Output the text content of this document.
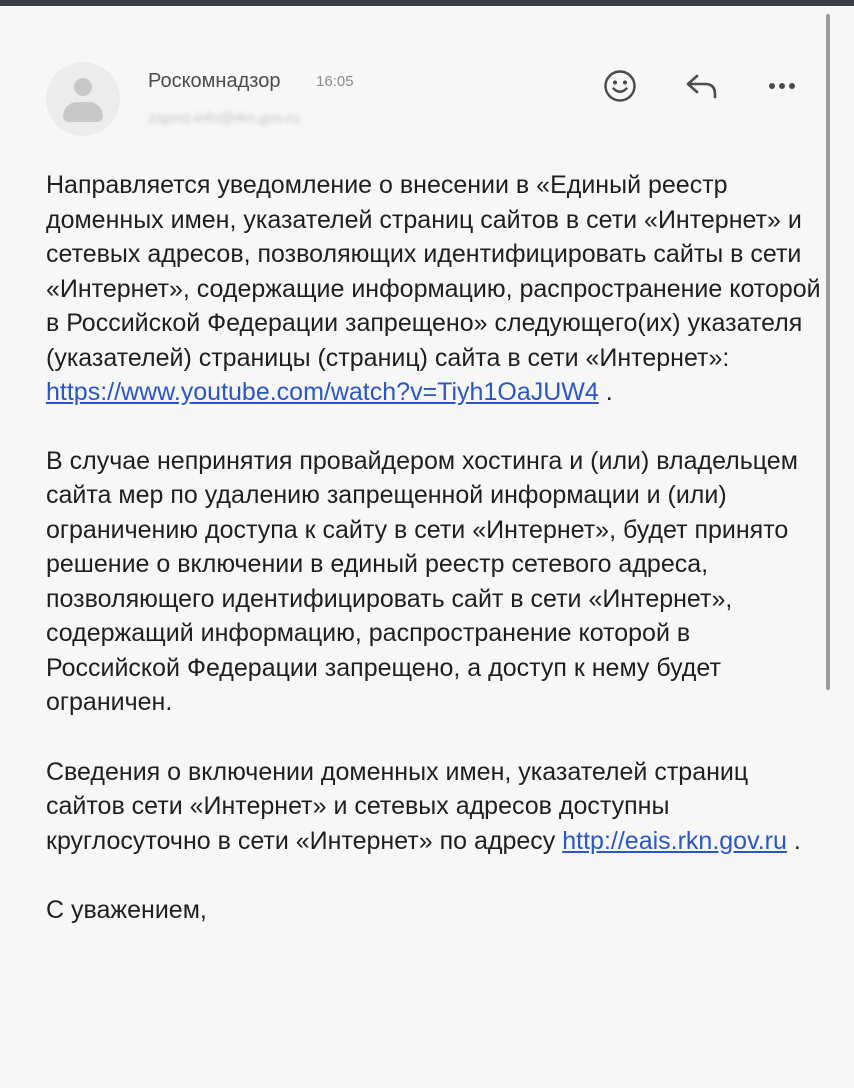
Роскомнадзор 16:05
zapret-info@rkn.gov.ru

Направляется уведомление о внесении в «Единый реестр доменных имен, указателей страниц сайтов в сети «Интернет» и сетевых адресов, позволяющих идентифицировать сайты в сети «Интернет», содержащие информацию, распространение которой в Российской Федерации запрещено» следующего(их) указателя (указателей) страницы (страниц) сайта в сети «Интернет»: https://www.youtube.com/watch?v=Tiyh1OaJUW4 .

В случае непринятия провайдером хостинга и (или) владельцем сайта мер по удалению запрещенной информации и (или) ограничению доступа к сайту в сети «Интернет», будет принято решение о включении в единый реестр сетевого адреса, позволяющего идентифицировать сайт в сети «Интернет», содержащий информацию, распространение которой в Российской Федерации запрещено, а доступ к нему будет ограничен.

Сведения о включении доменных имен, указателей страниц сайтов сети «Интернет» и сетевых адресов доступны круглосуточно в сети «Интернет» по адресу http://eais.rkn.gov.ru .

С уважением,
